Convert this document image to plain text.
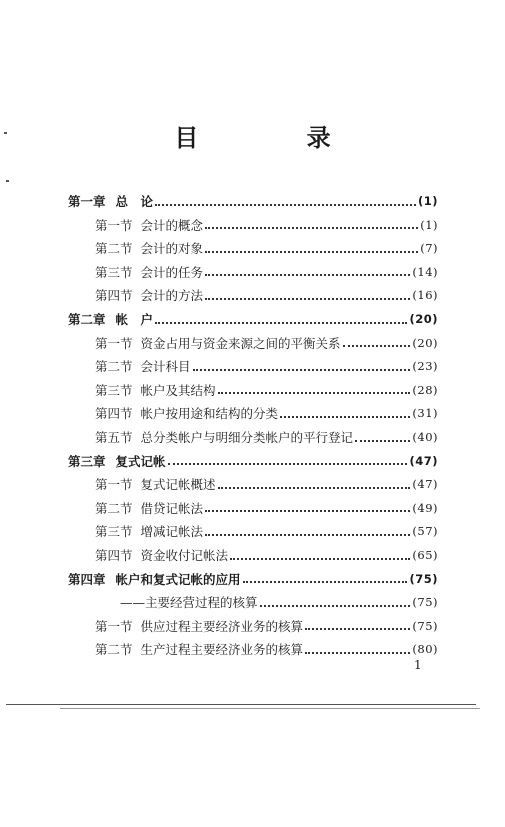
目 录
第一章 总　论	(1)
第一节 会计的概念	(1)
第二节 会计的对象	(7)
第三节 会计的任务	(14)
第四节 会计的方法	(16)
第二章 帐　户	(20)
第一节 资金占用与资金来源之间的平衡关系	(20)
第二节 会计科目	(23)
第三节 帐户及其结构	(28)
第四节 帐户按用途和结构的分类	(31)
第五节 总分类帐户与明细分类帐户的平行登记	(40)
第三章 复式记帐	(47)
第一节 复式记帐概述	(47)
第二节 借贷记帐法	(49)
第三节 增减记帐法	(57)
第四节 资金收付记帐法	(65)
第四章 帐户和复式记帐的应用	(75)
——主要经营过程的核算	(75)
第一节 供应过程主要经济业务的核算	(75)
第二节 生产过程主要经济业务的核算	(80)
1
